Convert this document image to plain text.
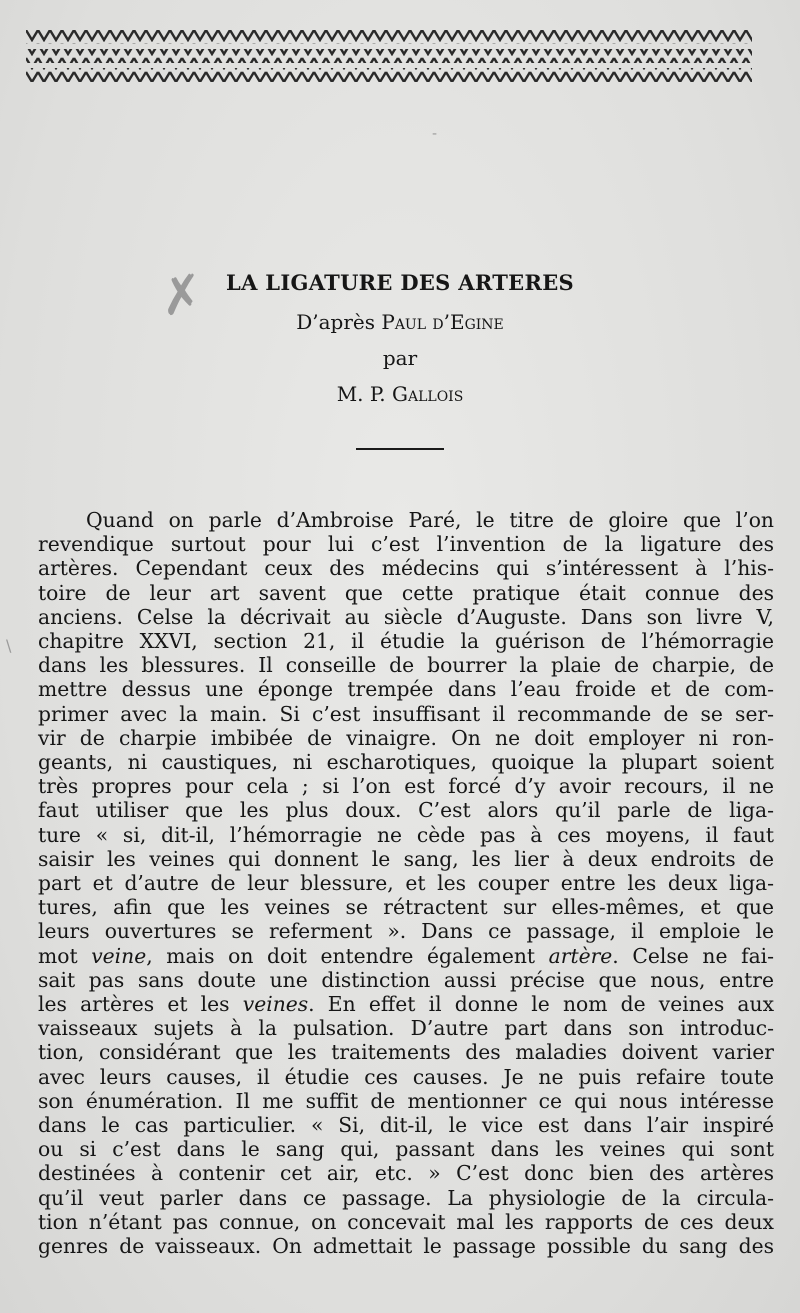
✗
-
\
LA LIGATURE DES ARTERES
D’après Paul d’Egine
par
M. P. Gallois
Quand on parle d’Ambroise Paré, le titre de gloire que l’on
revendique surtout pour lui c’est l’invention de la ligature des
artères. Cependant ceux des médecins qui s’intéressent à l’his-
toire de leur art savent que cette pratique était connue des
anciens. Celse la décrivait au siècle d’Auguste. Dans son livre V,
chapitre XXVI, section 21, il étudie la guérison de l’hémorragie
dans les blessures. Il conseille de bourrer la plaie de charpie, de
mettre dessus une éponge trempée dans l’eau froide et de com-
primer avec la main. Si c’est insuffisant il recommande de se ser-
vir de charpie imbibée de vinaigre. On ne doit employer ni ron-
geants, ni caustiques, ni escharotiques, quoique la plupart soient
très propres pour cela ; si l’on est forcé d’y avoir recours, il ne
faut utiliser que les plus doux. C’est alors qu’il parle de liga-
ture « si, dit-il, l’hémorragie ne cède pas à ces moyens, il faut
saisir les veines qui donnent le sang, les lier à deux endroits de
part et d’autre de leur blessure, et les couper entre les deux liga-
tures, afin que les veines se rétractent sur elles-mêmes, et que
leurs ouvertures se referment ». Dans ce passage, il emploie le
mot veine, mais on doit entendre également artère. Celse ne fai-
sait pas sans doute une distinction aussi précise que nous, entre
les artères et les veines. En effet il donne le nom de veines aux
vaisseaux sujets à la pulsation. D’autre part dans son introduc-
tion, considérant que les traitements des maladies doivent varier
avec leurs causes, il étudie ces causes. Je ne puis refaire toute
son énumération. Il me suffit de mentionner ce qui nous intéresse
dans le cas particulier. « Si, dit-il, le vice est dans l’air inspiré
ou si c’est dans le sang qui, passant dans les veines qui sont
destinées à contenir cet air, etc. » C’est donc bien des artères
qu’il veut parler dans ce passage. La physiologie de la circula-
tion n’étant pas connue, on concevait mal les rapports de ces deux
genres de vaisseaux. On admettait le passage possible du sang des
